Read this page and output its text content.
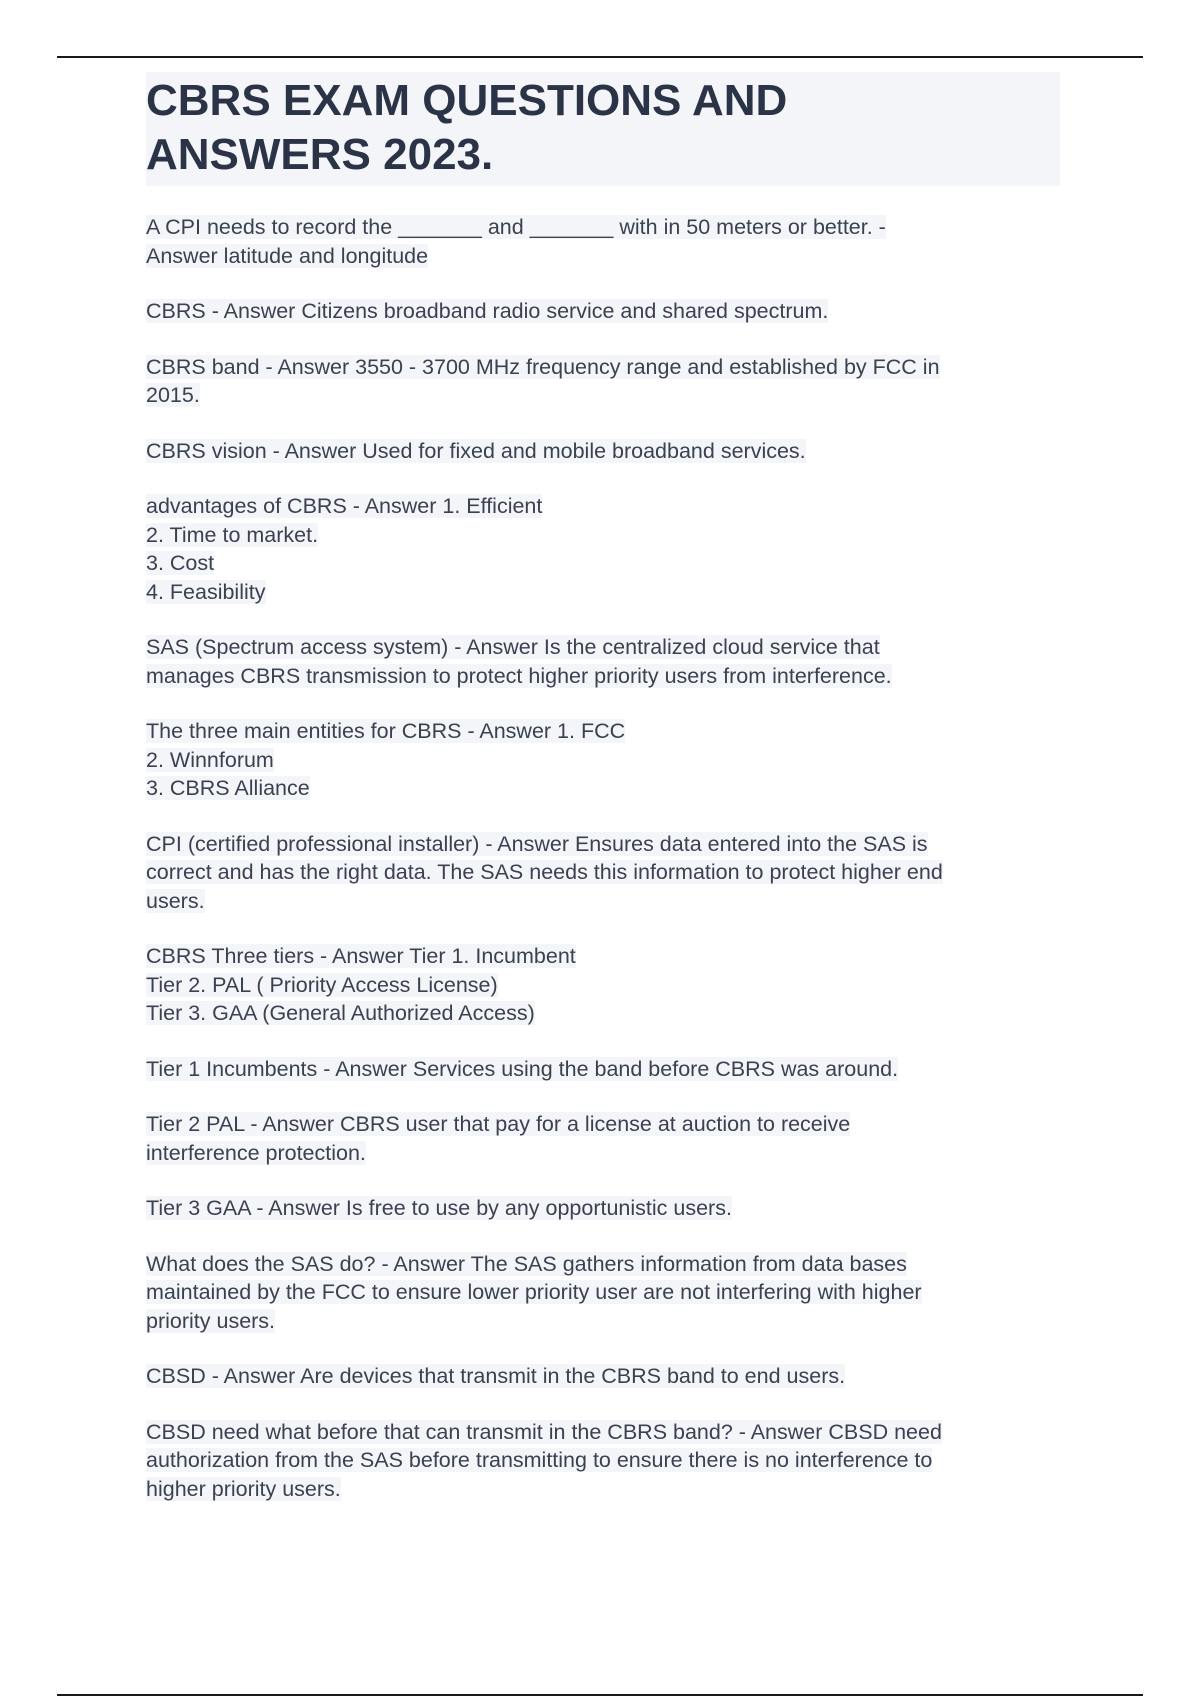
CBRS EXAM QUESTIONS AND
ANSWERS 2023.
A CPI needs to record the _______ and _______ with in 50 meters or better. -
Answer latitude and longitude
CBRS - Answer Citizens broadband radio service and shared spectrum.
CBRS band - Answer 3550 - 3700 MHz frequency range and established by FCC in
2015.
CBRS vision - Answer Used for fixed and mobile broadband services.
advantages of CBRS - Answer 1. Efficient
2. Time to market.
3. Cost
4. Feasibility
SAS (Spectrum access system) - Answer Is the centralized cloud service that
manages CBRS transmission to protect higher priority users from interference.
The three main entities for CBRS - Answer 1. FCC
2. Winnforum
3. CBRS Alliance
CPI (certified professional installer) - Answer Ensures data entered into the SAS is
correct and has the right data. The SAS needs this information to protect higher end
users.
CBRS Three tiers - Answer Tier 1. Incumbent
Tier 2. PAL ( Priority Access License)
Tier 3. GAA (General Authorized Access)
Tier 1 Incumbents - Answer Services using the band before CBRS was around.
Tier 2 PAL - Answer CBRS user that pay for a license at auction to receive
interference protection.
Tier 3 GAA - Answer Is free to use by any opportunistic users.
What does the SAS do? - Answer The SAS gathers information from data bases
maintained by the FCC to ensure lower priority user are not interfering with higher
priority users.
CBSD - Answer Are devices that transmit in the CBRS band to end users.
CBSD need what before that can transmit in the CBRS band? - Answer CBSD need
authorization from the SAS before transmitting to ensure there is no interference to
higher priority users.
